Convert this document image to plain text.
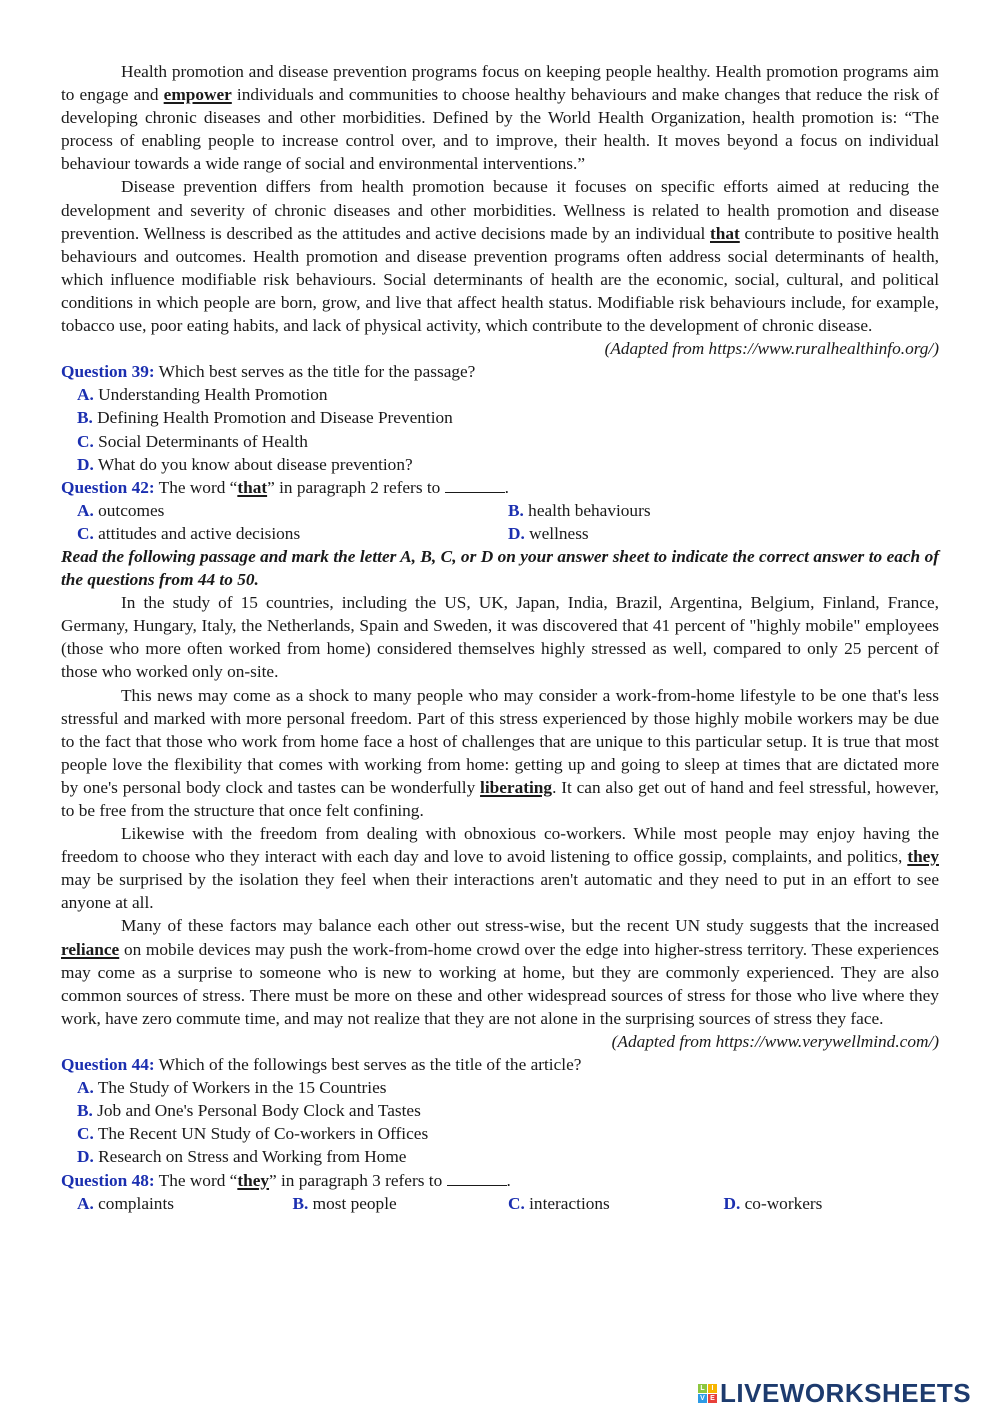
Health promotion and disease prevention programs focus on keeping people healthy. Health promotion programs aim to engage and empower individuals and communities to choose healthy behaviours and make changes that reduce the risk of developing chronic diseases and other morbidities. Defined by the World Health Organization, health promotion is: “The process of enabling people to increase control over, and to improve, their health. It moves beyond a focus on individual behaviour towards a wide range of social and environmental interventions.”

Disease prevention differs from health promotion because it focuses on specific efforts aimed at reducing the development and severity of chronic diseases and other morbidities. Wellness is related to health promotion and disease prevention. Wellness is described as the attitudes and active decisions made by an individual that contribute to positive health behaviours and outcomes. Health promotion and disease prevention programs often address social determinants of health, which influence modifiable risk behaviours. Social determinants of health are the economic, social, cultural, and political conditions in which people are born, grow, and live that affect health status. Modifiable risk behaviours include, for example, tobacco use, poor eating habits, and lack of physical activity, which contribute to the development of chronic disease.

(Adapted from https://www.ruralhealthinfo.org/)

Question 39: Which best serves as the title for the passage?

A. Understanding Health Promotion
B. Defining Health Promotion and Disease Prevention
C. Social Determinants of Health
D. What do you know about disease prevention?

Question 42: The word “that” in paragraph 2 refers to	.

A. outcomes	B. health behaviours
C. attitudes and active decisions	D. wellness

Read the following passage and mark the letter A, B, C, or D on your answer sheet to indicate the correct answer to each of the questions from 44 to 50.

In the study of 15 countries, including the US, UK, Japan, India, Brazil, Argentina, Belgium, Finland, France, Germany, Hungary, Italy, the Netherlands, Spain and Sweden, it was discovered that 41 percent of "highly mobile" employees (those who more often worked from home) considered themselves highly stressed as well, compared to only 25 percent of those who worked only on-site.

This news may come as a shock to many people who may consider a work-from-home lifestyle to be one that's less stressful and marked with more personal freedom. Part of this stress experienced by those highly mobile workers may be due to the fact that those who work from home face a host of challenges that are unique to this particular setup. It is true that most people love the flexibility that comes with working from home: getting up and going to sleep at times that are dictated more by one's personal body clock and tastes can be wonderfully liberating. It can also get out of hand and feel stressful, however, to be free from the structure that once felt confining.

Likewise with the freedom from dealing with obnoxious co-workers. While most people may enjoy having the freedom to choose who they interact with each day and love to avoid listening to office gossip, complaints, and politics, they may be surprised by the isolation they feel when their interactions aren't automatic and they need to put in an effort to see anyone at all.

Many of these factors may balance each other out stress-wise, but the recent UN study suggests that the increased reliance on mobile devices may push the work-from-home crowd over the edge into higher-stress territory. These experiences may come as a surprise to someone who is new to working at home, but they are commonly experienced. They are also common sources of stress. There must be more on these and other widespread sources of stress for those who live where they work, have zero commute time, and may not realize that they are not alone in the surprising sources of stress they face.

(Adapted from https://www.verywellmind.com/)

Question 44: Which of the followings best serves as the title of the article?

A. The Study of Workers in the 15 Countries
B. Job and One's Personal Body Clock and Tastes
C. The Recent UN Study of Co-workers in Offices
D. Research on Stress and Working from Home

Question 48: The word “they” in paragraph 3 refers to	.

A. complaints	B. most people	C. interactions	D. co-workers
L I
V E LIVEWORKSHEETS
